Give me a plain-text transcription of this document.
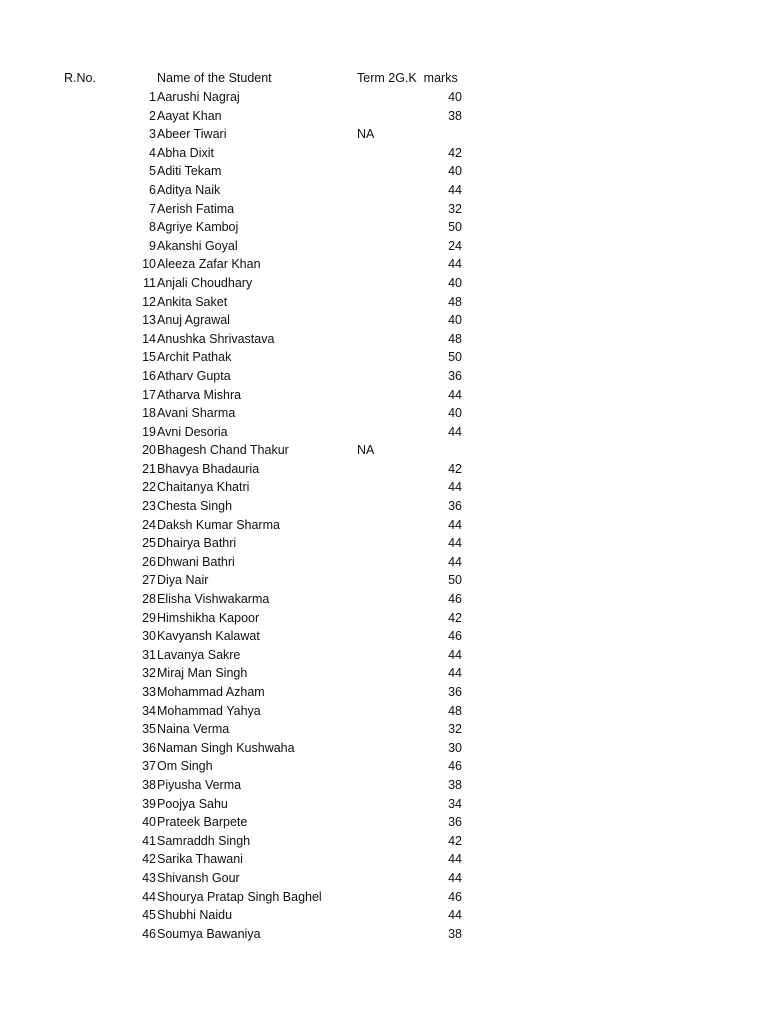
R.No.	Name of the Student	Term 2G.K  marks
1 Aarushi Nagraj	40
2 Aayat Khan	38
3 Abeer Tiwari	NA
4 Abha Dixit	42
5 Aditi Tekam	40
6 Aditya Naik	44
7 Aerish Fatima	32
8 Agriye Kamboj	50
9 Akanshi Goyal	24
10 Aleeza Zafar Khan	44
11 Anjali Choudhary	40
12 Ankita Saket	48
13 Anuj Agrawal	40
14 Anushka Shrivastava	48
15 Archit Pathak	50
16 Atharv Gupta	36
17 Atharva Mishra	44
18 Avani Sharma	40
19 Avni Desoria	44
20 Bhagesh Chand Thakur	NA
21 Bhavya Bhadauria	42
22 Chaitanya Khatri	44
23 Chesta Singh	36
24 Daksh Kumar Sharma	44
25 Dhairya Bathri	44
26 Dhwani Bathri	44
27 Diya Nair	50
28 Elisha Vishwakarma	46
29 Himshikha Kapoor	42
30 Kavyansh Kalawat	46
31 Lavanya Sakre	44
32 Miraj Man Singh	44
33 Mohammad Azham	36
34 Mohammad Yahya	48
35 Naina Verma	32
36 Naman Singh Kushwaha	30
37 Om Singh	46
38 Piyusha Verma	38
39 Poojya Sahu	34
40 Prateek Barpete	36
41 Samraddh Singh	42
42 Sarika Thawani	44
43 Shivansh Gour	44
44 Shourya Pratap Singh Baghel	46
45 Shubhi Naidu	44
46 Soumya Bawaniya	38
